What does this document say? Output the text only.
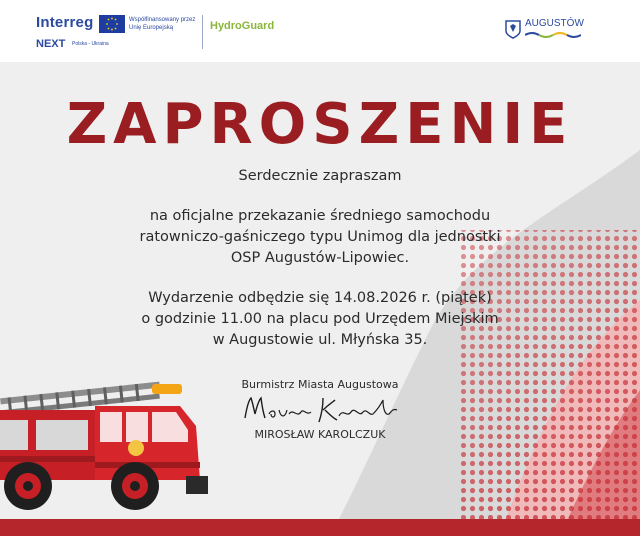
Interreg
NEXT Polska - Ukraina
Współfinansowany przez Unię Europejską	HydroGuard	AUGUSTÓW
ZAPROSZENIE
Serdecznie zapraszam
na oficjalne przekazanie średniego samochodu
ratowniczo-gaśniczego typu Unimog dla jednostki
OSP Augustów-Lipowiec.
Wydarzenie odbędzie się 14.08.2026 r. (piątek)
o godzinie 11.00 na placu pod Urzędem Miejskim
w Augustowie ul. Młyńska 35.
Burmistrz Miasta Augustowa
MIROSŁAW KAROLCZUK
